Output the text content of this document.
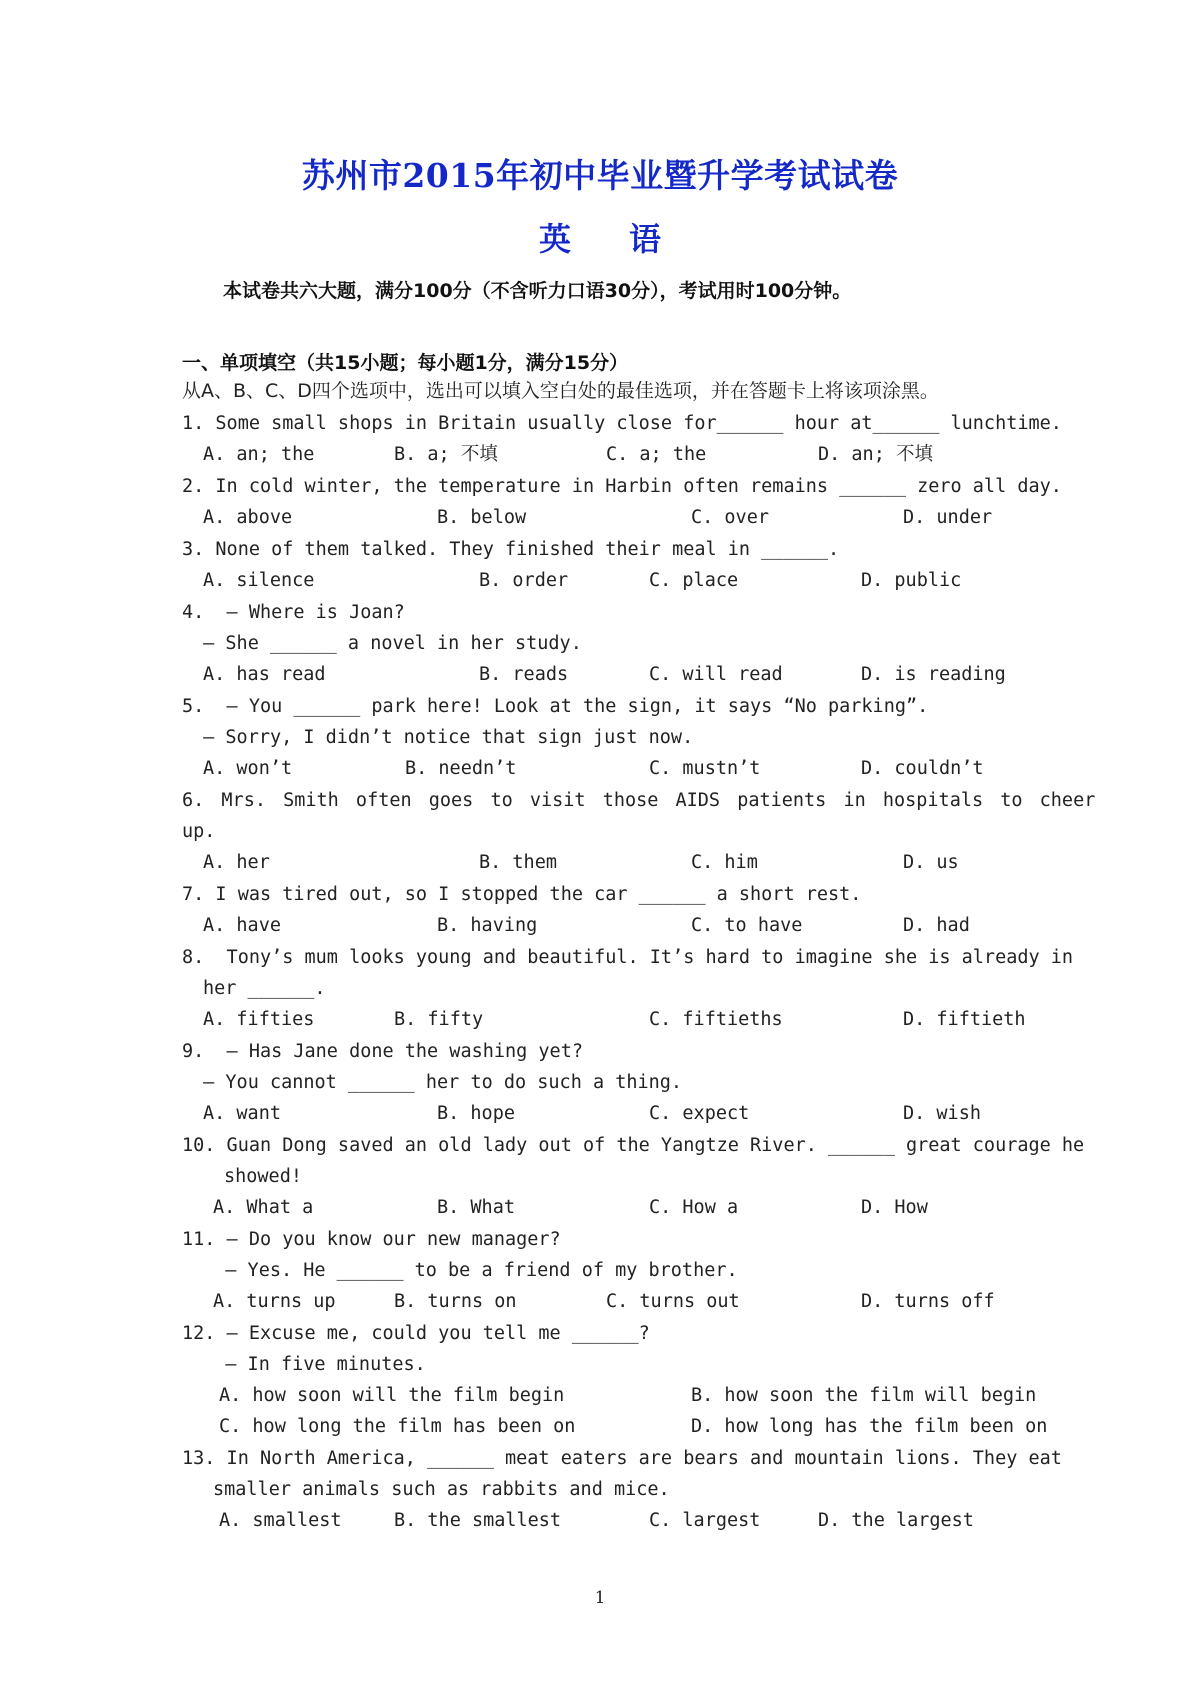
苏州市2015年初中毕业暨升学考试试卷
英语
本试卷共六大题，满分100分（不含听力口语30分），考试用时100分钟。
一、单项填空（共15小题；每小题1分，满分15分）
从A、B、C、D四个选项中，选出可以填入空白处的最佳选项，并在答题卡上将该项涂黑。
1. Some small shops in Britain usually close for______ hour at______ lunchtime.
A. an; the	B. a; 不填	C. a; the	D. an; 不填
2. In cold winter, the temperature in Harbin often remains ______ zero all day.
A. above	B. below	C. over	D. under
3. None of them talked. They finished their meal in ______.
A. silence	B. order	C. place	D. public
4.  — Where is Joan?
— She ______ a novel in her study.
A. has read	B. reads	C. will read	D. is reading
5.  — You ______ park here! Look at the sign, it says “No parking”.
— Sorry, I didn’t notice that sign just now.
A. won’t	B. needn’t	C. mustn’t	D. couldn’t
6. Mrs. Smith often goes to visit those AIDS patients in hospitals to cheer
up.
A. her	B. them	C. him	D. us
7. I was tired out, so I stopped the car ______ a short rest.
A. have	B. having	C. to have	D. had
8.  Tony’s mum looks young and beautiful. It’s hard to imagine she is already in
her ______.
A. fifties	B. fifty	C. fiftieths	D. fiftieth
9.  — Has Jane done the washing yet?
— You cannot ______ her to do such a thing.
A. want	B. hope	C. expect	D. wish
10. Guan Dong saved an old lady out of the Yangtze River. ______ great courage he
showed!
A. What a	B. What	C. How a	D. How
11. — Do you know our new manager?
— Yes. He ______ to be a friend of my brother.
A. turns up	B. turns on	C. turns out	D. turns off
12. — Excuse me, could you tell me ______?
— In five minutes.
A. how soon will the film begin	B. how soon the film will begin
C. how long the film has been on	D. how long has the film been on
13. In North America, ______ meat eaters are bears and mountain lions. They eat
smaller animals such as rabbits and mice.
A. smallest	B. the smallest	C. largest	D. the largest
1
